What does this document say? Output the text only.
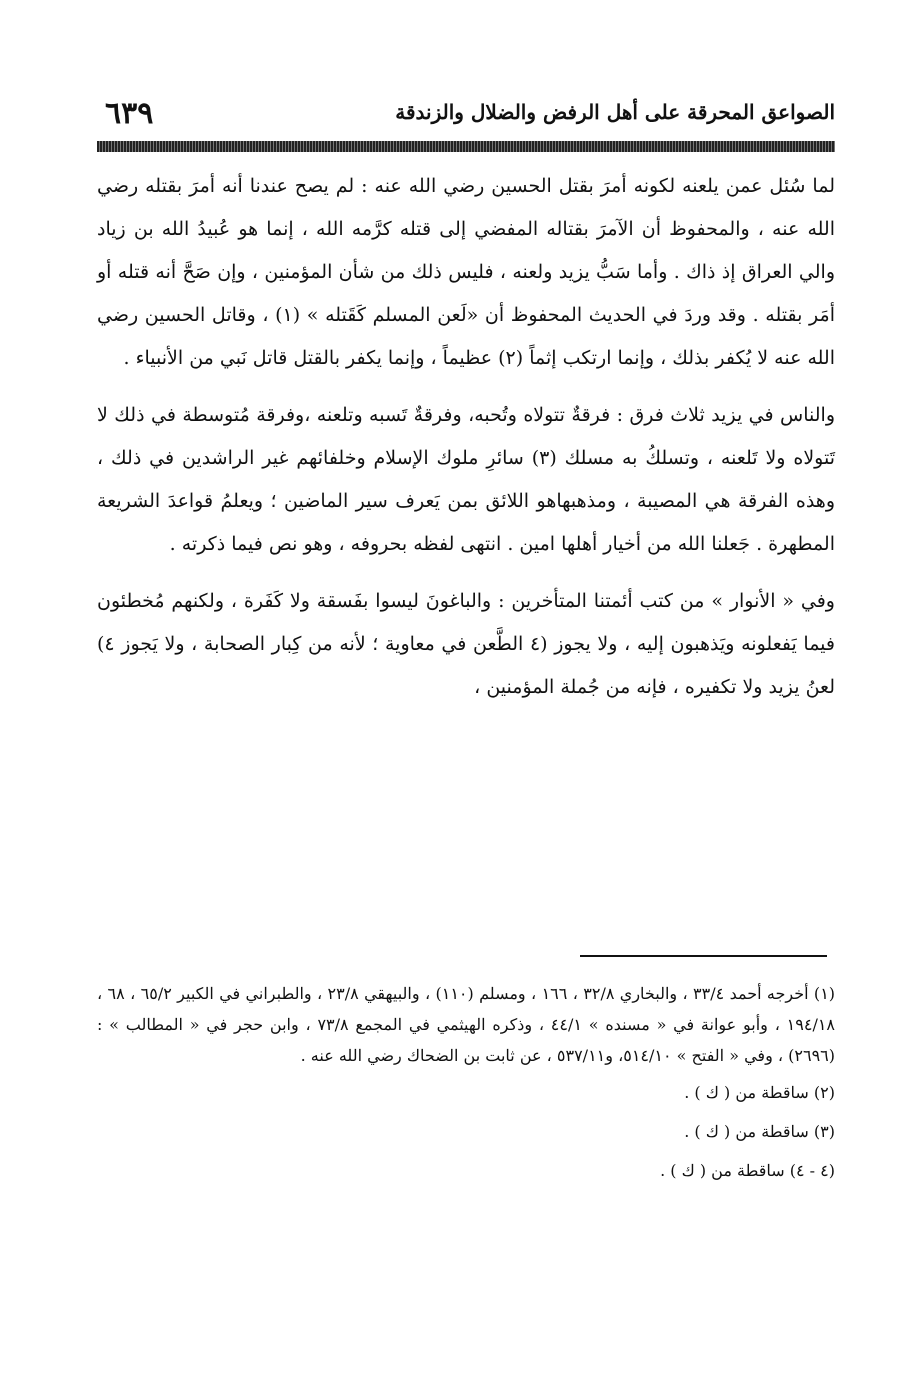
٦٣٩	الصواعق المحرقة على أهل الرفض والضلال والزندقة

لما سُئل عمن يلعنه لكونه أمرَ بقتل الحسين رضي الله عنه : لم يصح عندنا أنه أمرَ بقتله رضي الله عنه ، والمحفوظ أن الآمرَ بقتاله المفضي إلى قتله كرَّمه الله ، إنما هو عُبيدُ الله بن زياد والي العراق إذ ذاك . وأما سَبُّ يزيد ولعنه ، فليس ذلك من شأن المؤمنين ، وإن صَحَّ أنه قتله أو أمَر بقتله . وقد وردَ في الحديث المحفوظ أن «لَعن المسلم كَقَتله » (١) ، وقاتل الحسين رضي الله عنه لا يُكفر بذلك ، وإنما ارتكب إثماً (٢) عظيماً ، وإنما يكفر بالقتل قاتل نَبي من الأنبياء .

والناس في يزيد ثلاث فرق : فرقةٌ تتولاه وتُحبه، وفرقةٌ تَسبه وتلعنه ،وفرقة مُتوسطة في ذلك لا تَتولاه ولا تَلعنه ، وتسلكُ به مسلك (٣) سائرِ ملوك الإسلام وخلفائهم غير الراشدين في ذلك ، وهذه الفرقة هي المصيبة ، ومذهبهاهو اللائق بمن يَعرف سير الماضين ؛ ويعلمُ قواعدَ الشريعة المطهرة . جَعلنا الله من أخيار أهلها امين . انتهى لفظه بحروفه ، وهو نص فيما ذكرته .

وفي « الأنوار » من كتب أئمتنا المتأخرين : والباغونَ ليسوا بفَسقة ولا كَفَرة ، ولكنهم مُخطئون فيما يَفعلونه ويَذهبون إليه ، ولا يجوز (٤ الطَّعن في معاوية ؛ لأنه من كِبار الصحابة ، ولا يَجوز ٤) لعنُ يزيد ولا تكفيره ، فإنه من جُملة المؤمنين ،

(١) أخرجه أحمد ٣٣/٤ ، والبخاري ٣٢/٨ ، ١٦٦ ، ومسلم (١١٠) ، والبيهقي ٢٣/٨ ، والطبراني في الكبير ٦٥/٢ ، ٦٨ ، ١٩٤/١٨ ، وأبو عوانة في « مسنده » ٤٤/١ ، وذكره الهيثمي في المجمع ٧٣/٨ ، وابن حجر في « المطالب » : (٢٦٩٦) ، وفي « الفتح » ٥١٤/١٠، و٥٣٧/١١ ، عن ثابت بن الضحاك رضي الله عنه .

(٢) ساقطة من ( ك ) .

(٣) ساقطة من ( ك ) .

(٤ - ٤) ساقطة من ( ك ) .
